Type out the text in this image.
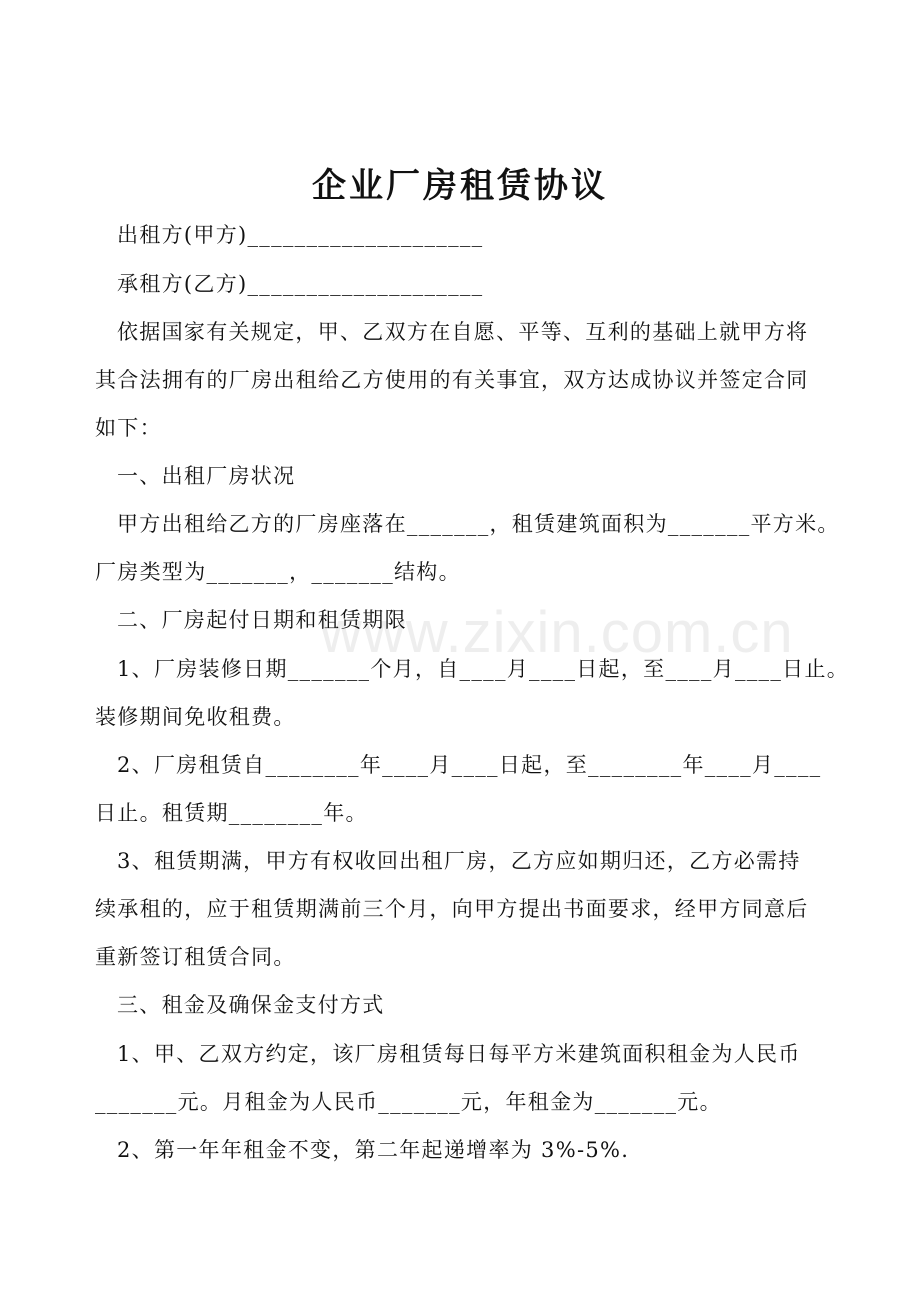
www.zixin.com.cn
企业厂房租赁协议
出租方(甲方)____________________
承租方(乙方)____________________
依据国家有关规定，甲、乙双方在自愿、平等、互利的基础上就甲方将
其合法拥有的厂房出租给乙方使用的有关事宜，双方达成协议并签定合同
如下：
一、出租厂房状况
甲方出租给乙方的厂房座落在_______，租赁建筑面积为_______平方米。
厂房类型为_______，_______结构。
二、厂房起付日期和租赁期限
1、厂房装修日期_______个月，自____月____日起，至____月____日止。
装修期间免收租费。
2、厂房租赁自________年____月____日起，至________年____月____
日止。租赁期________年。
3、租赁期满，甲方有权收回出租厂房，乙方应如期归还，乙方必需持
续承租的，应于租赁期满前三个月，向甲方提出书面要求，经甲方同意后
重新签订租赁合同。
三、租金及确保金支付方式
1、甲、乙双方约定，该厂房租赁每日每平方米建筑面积租金为人民币
_______元。月租金为人民币_______元，年租金为_______元。
2、第一年年租金不变，第二年起递增率为 3%-5%.
